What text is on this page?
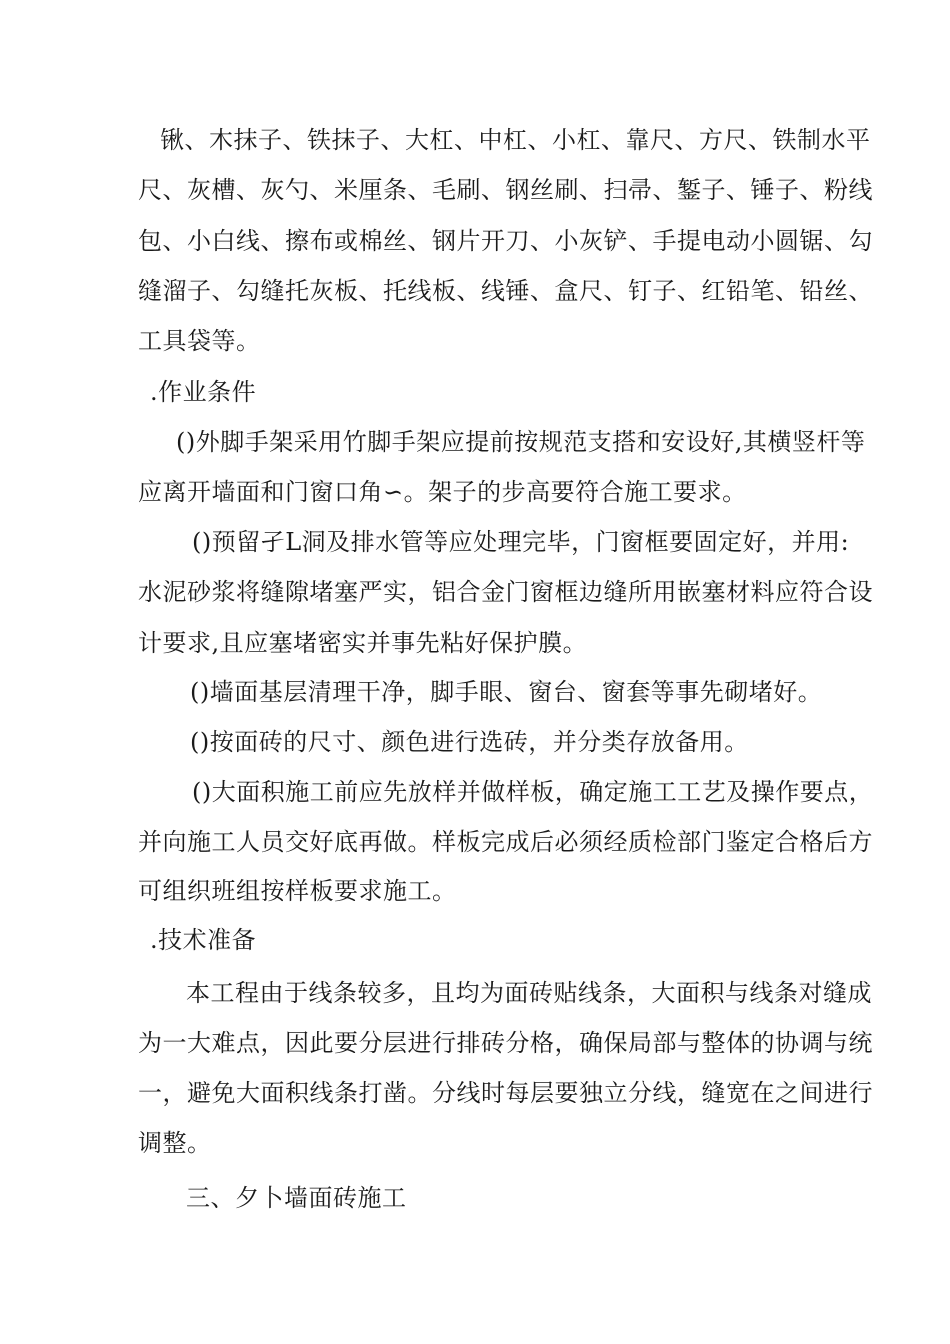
锹、木抹子、铁抹子、大杠、中杠、小杠、靠尺、方尺、铁制水平
尺、灰槽、灰勺、米厘条、毛刷、钢丝刷、扫帚、錾子、锤子、粉线
包、小白线、擦布或棉丝、钢片开刀、小灰铲、手提电动小圆锯、勾
缝溜子、勾缝托灰板、托线板、线锤、盒尺、钉子、红铅笔、铅丝、
工具袋等。
.作业条件
()外脚手架采用竹脚手架应提前按规范支搭和安设好,其横竖杆等
应离开墙面和门窗口角∽。架子的步高要符合施工要求。
()预留孑L洞及排水管等应处理完毕，门窗框要固定好，并用:
水泥砂浆将缝隙堵塞严实，铝合金门窗框边缝所用嵌塞材料应符合设
计要求,且应塞堵密实并事先粘好保护膜。
()墙面基层清理干净，脚手眼、窗台、窗套等事先砌堵好。
()按面砖的尺寸、颜色进行选砖，并分类存放备用。
()大面积施工前应先放样并做样板，确定施工工艺及操作要点，
并向施工人员交好底再做。样板完成后必须经质检部门鉴定合格后方
可组织班组按样板要求施工。
.技术准备
本工程由于线条较多，且均为面砖贴线条，大面积与线条对缝成
为一大难点，因此要分层进行排砖分格，确保局部与整体的协调与统
一，避免大面积线条打凿。分线时每层要独立分线，缝宽在之间进行
调整。
三、夕卜墙面砖施工
